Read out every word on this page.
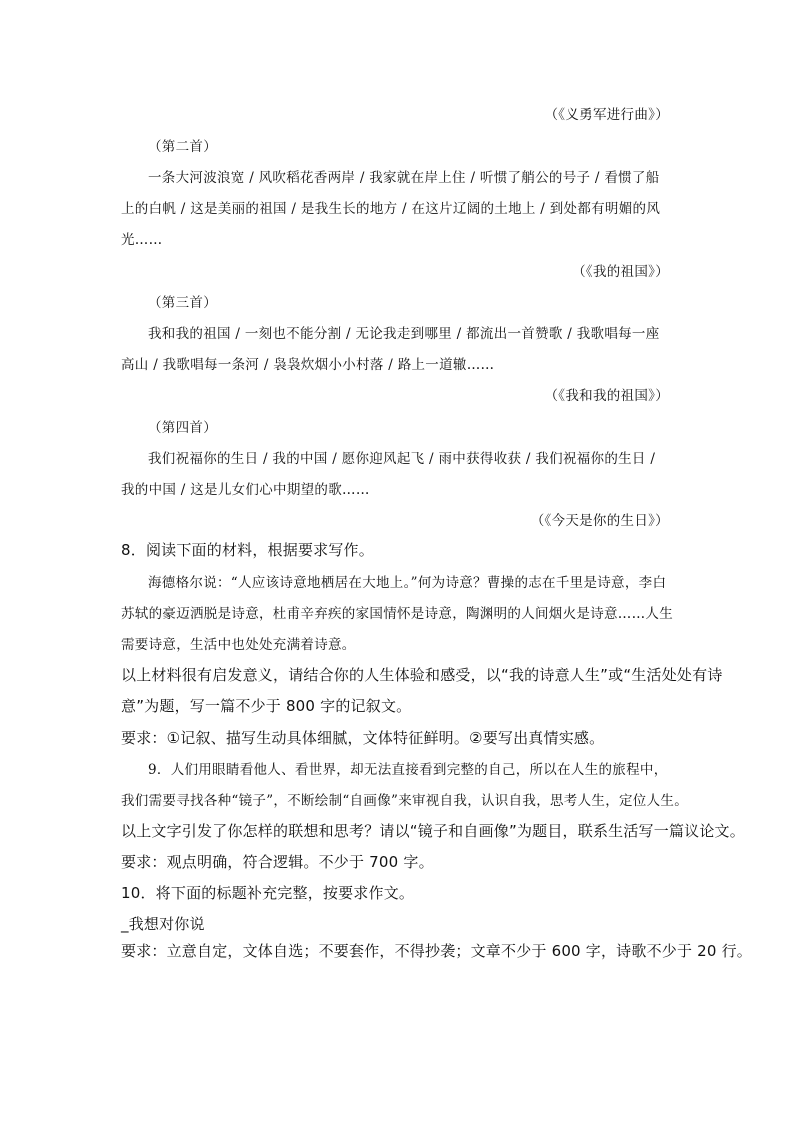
（《义勇军进行曲》）
（第二首）
一条大河波浪宽 / 风吹稻花香两岸 / 我家就在岸上住 / 听惯了艄公的号子 / 看惯了船
上的白帆 / 这是美丽的祖国 / 是我生长的地方 / 在这片辽阔的土地上 / 到处都有明媚的风
光……
（《我的祖国》）
（第三首）
我和我的祖国 / 一刻也不能分割 / 无论我走到哪里 / 都流出一首赞歌 / 我歌唱每一座
高山 / 我歌唱每一条河 / 袅袅炊烟小小村落 / 路上一道辙……
（《我和我的祖国》）
（第四首）
我们祝福你的生日 / 我的中国 / 愿你迎风起飞 / 雨中获得收获 / 我们祝福你的生日 /
我的中国 / 这是儿女们心中期望的歌……
（《今天是你的生日》）
8．阅读下面的材料，根据要求写作。
海德格尔说：“人应该诗意地栖居在大地上。”何为诗意？曹操的志在千里是诗意，李白
苏轼的豪迈洒脱是诗意，杜甫辛弃疾的家国情怀是诗意，陶渊明的人间烟火是诗意……人生
需要诗意，生活中也处处充满着诗意。
以上材料很有启发意义，请结合你的人生体验和感受，以“我的诗意人生”或“生活处处有诗
意”为题，写一篇不少于 800 字的记叙文。
要求：①记叙、描写生动具体细腻，文体特征鲜明。②要写出真情实感。
9．人们用眼睛看他人、看世界，却无法直接看到完整的自己，所以在人生的旅程中，
我们需要寻找各种“镜子”，不断绘制“自画像”来审视自我，认识自我，思考人生，定位人生。
以上文字引发了你怎样的联想和思考？请以“镜子和自画像”为题目，联系生活写一篇议论文。
要求：观点明确，符合逻辑。不少于 700 字。
10．将下面的标题补充完整，按要求作文。
_我想对你说
要求：立意自定，文体自选；不要套作，不得抄袭；文章不少于 600 字，诗歌不少于 20 行。
